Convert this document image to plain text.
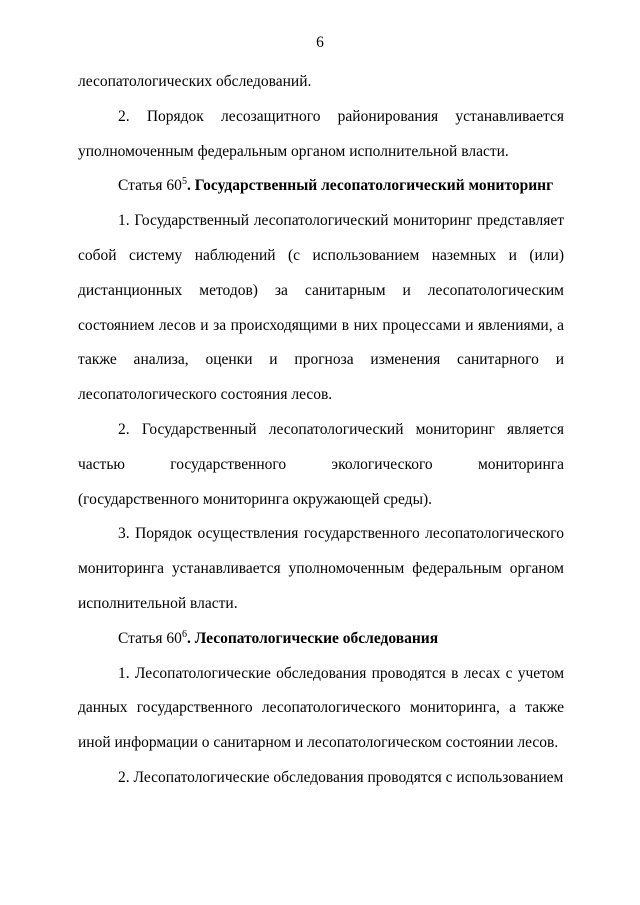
6

лесопатологических обследований.

2. Порядок лесозащитного районирования устанавливается уполномоченным федеральным органом исполнительной власти.

Статья $60^5$. Государственный лесопатологический мониторинг

1. Государственный лесопатологический мониторинг представляет собой систему наблюдений (с использованием наземных и (или) дистанционных методов) за санитарным и лесопатологическим состоянием лесов и за происходящими в них процессами и явлениями, а также анализа, оценки и прогноза изменения санитарного и лесопатологического состояния лесов.

2. Государственный лесопатологический мониторинг является частью государственного экологического мониторинга (государственного мониторинга окружающей среды).

3. Порядок осуществления государственного лесопатологического мониторинга устанавливается уполномоченным федеральным органом исполнительной власти.

Статья $60^6$. Лесопатологические обследования

1. Лесопатологические обследования проводятся в лесах с учетом данных государственного лесопатологического мониторинга, а также иной информации о санитарном и лесопатологическом состоянии лесов.

2. Лесопатологические обследования проводятся с использованием
